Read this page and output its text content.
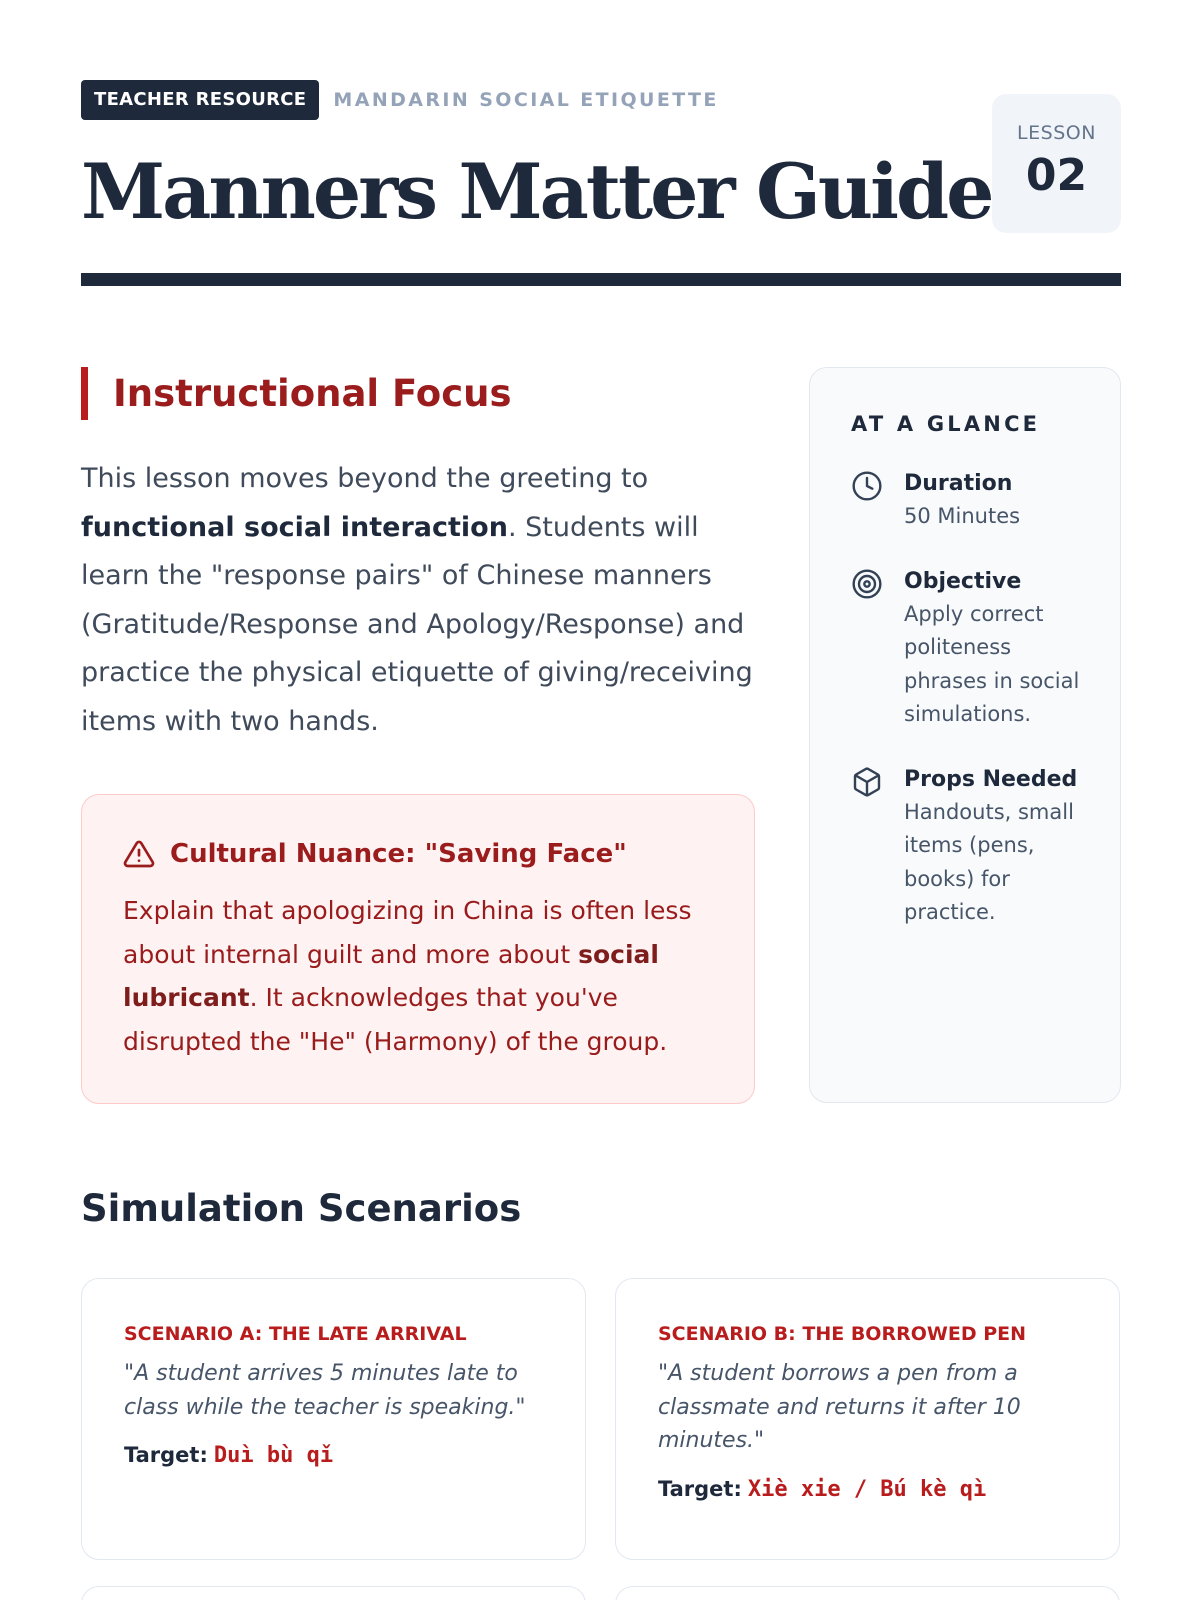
TEACHER RESOURCE	MANDARIN SOCIAL ETIQUETTE
Manners Matter Guide
LESSON
02
Instructional Focus

This lesson moves beyond the greeting to functional social interaction. Students will learn the "response pairs" of Chinese manners (Gratitude/Response and Apology/Response) and practice the physical etiquette of giving/receiving items with two hands.

Cultural Nuance: "Saving Face"

Explain that apologizing in China is often less about internal guilt and more about social lubricant. It acknowledges that you've disrupted the "He" (Harmony) of the group.

AT A GLANCE
Duration
50 Minutes
Objective
Apply correct politeness phrases in social simulations.
Props Needed
Handouts, small items (pens, books) for practice.
Simulation Scenarios
SCENARIO A: THE LATE ARRIVAL

"A student arrives 5 minutes late to class while the teacher is speaking."

Target: Duì bù qǐ

SCENARIO B: THE BORROWED PEN

"A student borrows a pen from a classmate and returns it after 10 minutes."

Target: Xiè xie / Bú kè qì
